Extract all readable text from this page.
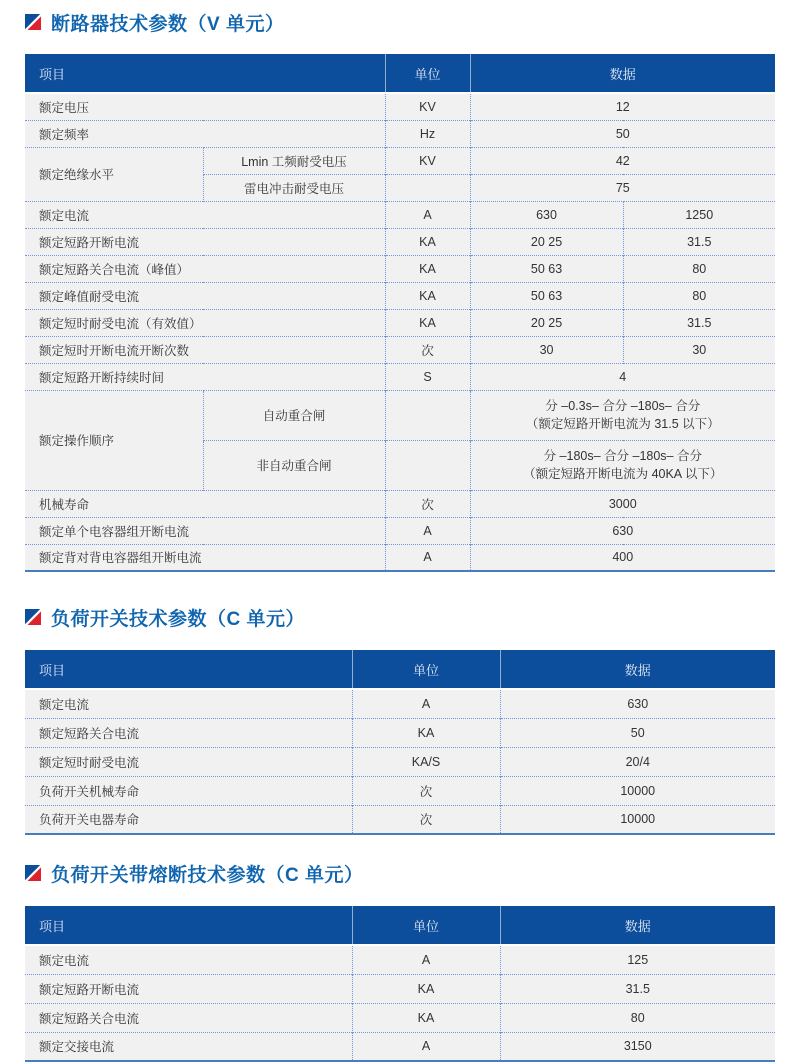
断路器技术参数（V 单元）
项目		单位	数据	
额定电压		KV	12	
额定频率		Hz	50	
额定绝缘水平	Lmin 工频耐受电压	KV	42	
	雷电冲击耐受电压		75	
额定电流		A	630	1250
额定短路开断电流		KA	20 25	31.5
额定短路关合电流（峰值）		KA	50 63	80
额定峰值耐受电流		KA	50 63	80
额定短时耐受电流（有效值）		KA	20 25	31.5
额定短时开断电流开断次数		次	30	30
额定短路开断持续时间		S	4	
额定操作顺序	自动重合闸		分 –0.3s– 合分 –180s– 合分
（额定短路开断电流为 31.5 以下）	

	非自动重合闸		分 –180s– 合分 –180s– 合分
（额定短路开断电流为 40KA 以下）	

机械寿命		次	3000	
额定单个电容器组开断电流		A	630	
额定背对背电容器组开断电流		A	400	
负荷开关技术参数（C 单元）
项目	单位	数据
额定电流	A	630
额定短路关合电流	KA	50
额定短时耐受电流	KA/S	20/4
负荷开关机械寿命	次	10000
负荷开关电器寿命	次	10000
负荷开关带熔断技术参数（C 单元）
项目	单位	数据
额定电流	A	125
额定短路开断电流	KA	31.5
额定短路关合电流	KA	80
额定交接电流	A	3150
